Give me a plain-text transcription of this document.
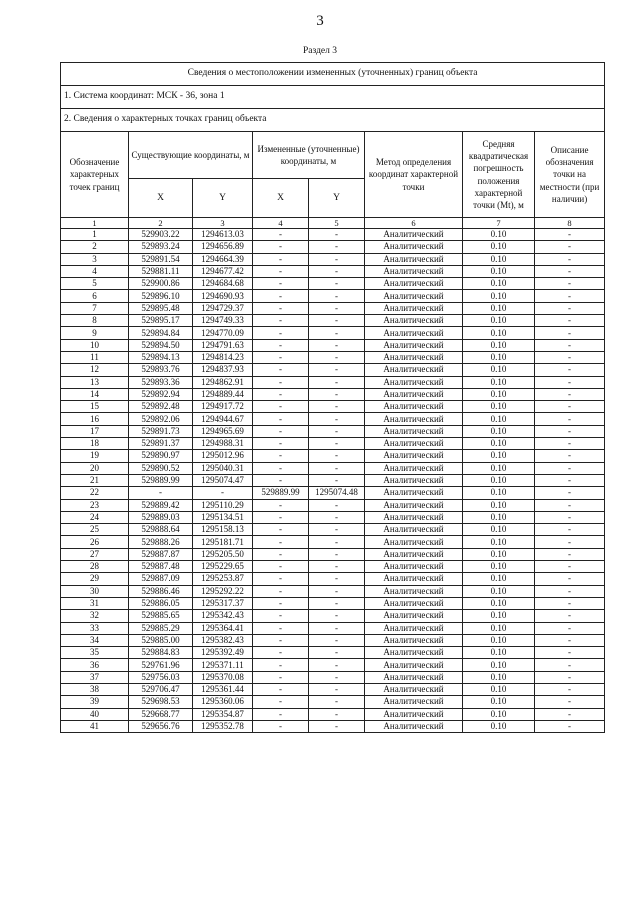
3
Раздел 3
Сведения о местоположении измененных (уточненных) границ объекта							
1. Система координат: МСК - 36, зона 1							
2. Сведения о характерных точках границ объекта							
Обозначение характерных точек границ	Существующие координаты, м		Измененные (уточненные) координаты, м		Метод определения координат характерной точки	Средняя квадратическая погрешность положения характерной точки (Mt), м	Описание обозначения точки на местности (при наличии)
	X	Y	X	Y			
1	2	3	4	5	6	7	8
1	529903.22	1294613.03	-	-	Аналитический	0.10	-
2	529893.24	1294656.89	-	-	Аналитический	0.10	-
3	529891.54	1294664.39	-	-	Аналитический	0.10	-
4	529881.11	1294677.42	-	-	Аналитический	0.10	-
5	529900.86	1294684.68	-	-	Аналитический	0.10	-
6	529896.10	1294690.93	-	-	Аналитический	0.10	-
7	529895.48	1294729.37	-	-	Аналитический	0.10	-
8	529895.17	1294749.33	-	-	Аналитический	0.10	-
9	529894.84	1294770.09	-	-	Аналитический	0.10	-
10	529894.50	1294791.63	-	-	Аналитический	0.10	-
11	529894.13	1294814.23	-	-	Аналитический	0.10	-
12	529893.76	1294837.93	-	-	Аналитический	0.10	-
13	529893.36	1294862.91	-	-	Аналитический	0.10	-
14	529892.94	1294889.44	-	-	Аналитический	0.10	-
15	529892.48	1294917.72	-	-	Аналитический	0.10	-
16	529892.06	1294944.67	-	-	Аналитический	0.10	-
17	529891.73	1294965.69	-	-	Аналитический	0.10	-
18	529891.37	1294988.31	-	-	Аналитический	0.10	-
19	529890.97	1295012.96	-	-	Аналитический	0.10	-
20	529890.52	1295040.31	-	-	Аналитический	0.10	-
21	529889.99	1295074.47	-	-	Аналитический	0.10	-
22	-	-	529889.99	1295074.48	Аналитический	0.10	-
23	529889.42	1295110.29	-	-	Аналитический	0.10	-
24	529889.03	1295134.51	-	-	Аналитический	0.10	-
25	529888.64	1295158.13	-	-	Аналитический	0.10	-
26	529888.26	1295181.71	-	-	Аналитический	0.10	-
27	529887.87	1295205.50	-	-	Аналитический	0.10	-
28	529887.48	1295229.65	-	-	Аналитический	0.10	-
29	529887.09	1295253.87	-	-	Аналитический	0.10	-
30	529886.46	1295292.22	-	-	Аналитический	0.10	-
31	529886.05	1295317.37	-	-	Аналитический	0.10	-
32	529885.65	1295342.43	-	-	Аналитический	0.10	-
33	529885.29	1295364.41	-	-	Аналитический	0.10	-
34	529885.00	1295382.43	-	-	Аналитический	0.10	-
35	529884.83	1295392.49	-	-	Аналитический	0.10	-
36	529761.96	1295371.11	-	-	Аналитический	0.10	-
37	529756.03	1295370.08	-	-	Аналитический	0.10	-
38	529706.47	1295361.44	-	-	Аналитический	0.10	-
39	529698.53	1295360.06	-	-	Аналитический	0.10	-
40	529668.77	1295354.87	-	-	Аналитический	0.10	-
41	529656.76	1295352.78	-	-	Аналитический	0.10	-
